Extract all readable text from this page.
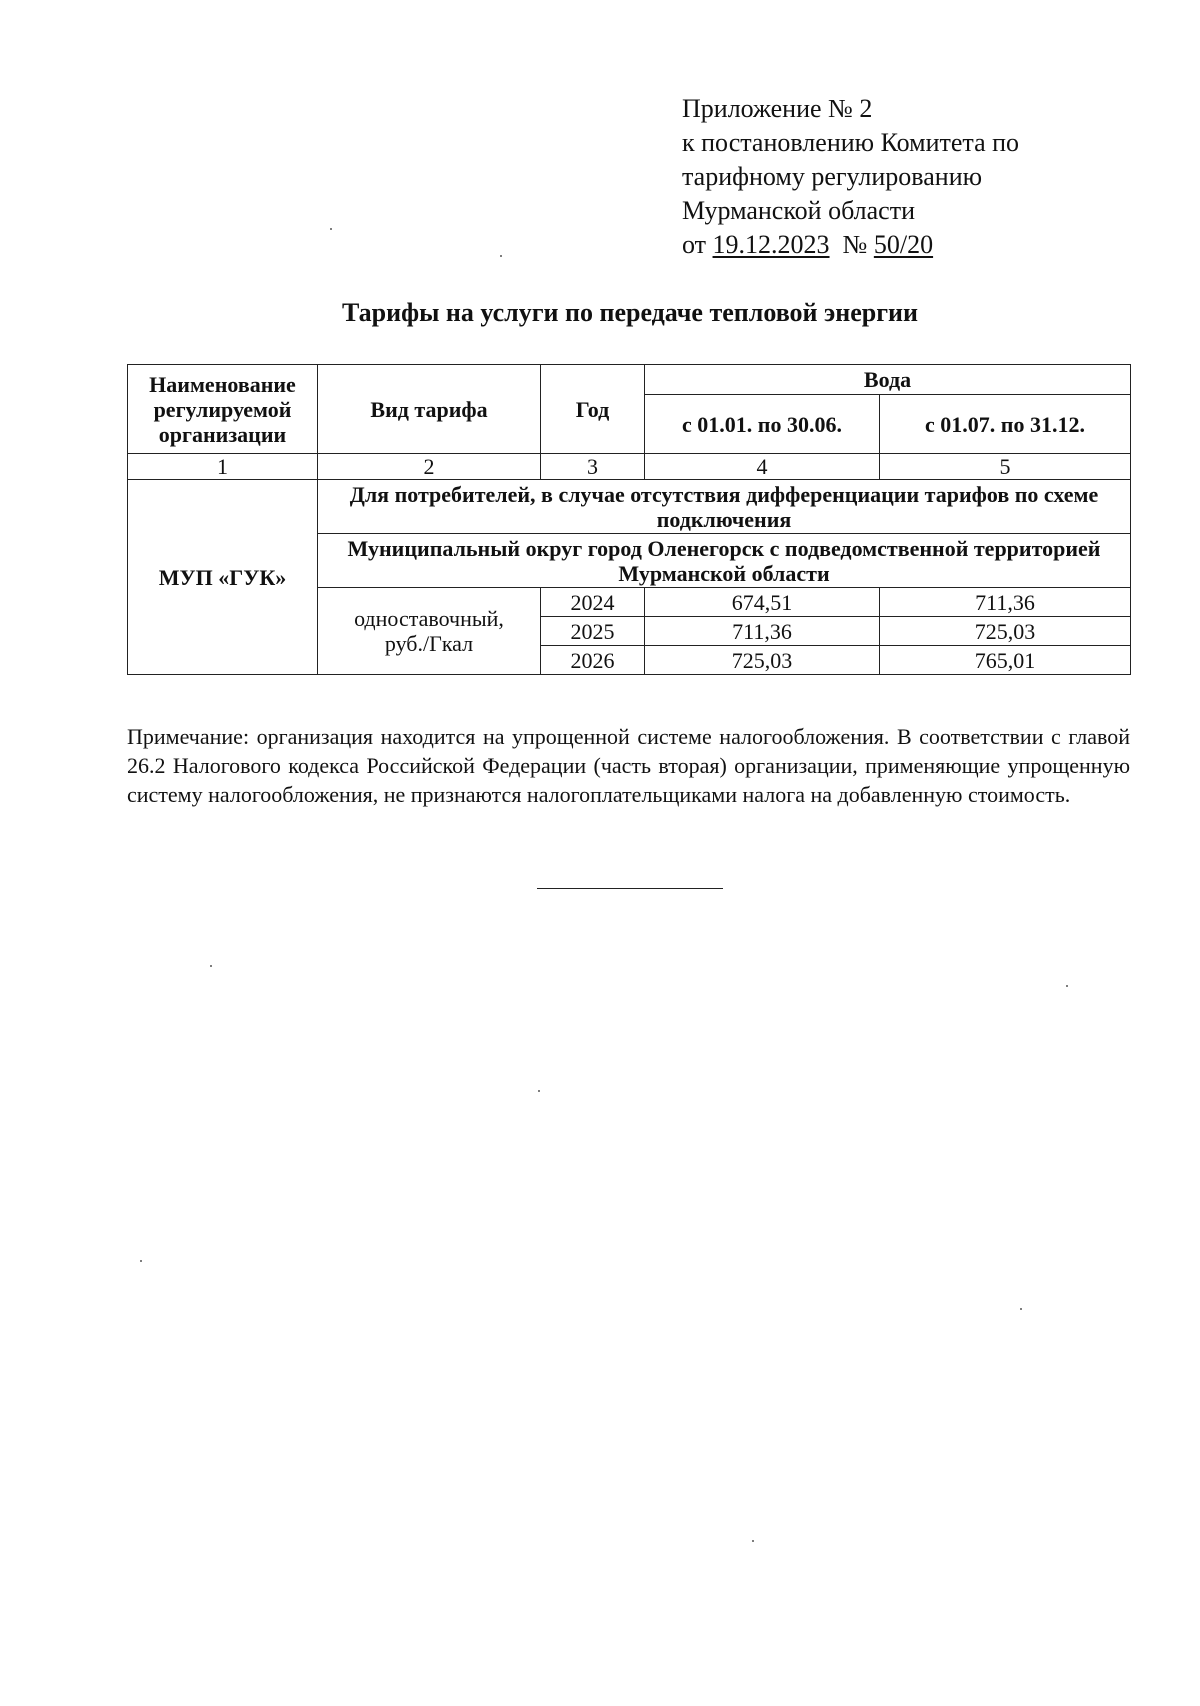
Приложение № 2
к постановлению Комитета по
тарифному регулированию
Мурманской области
от 19.12.2023 № 50/20
Тарифы на услуги по передаче тепловой энергии
Наименование регулируемой организации	Вид тарифа	Год	Вода	
			с 01.01. по 30.06.	с 01.07. по 31.12.
1	2	3	4	5
МУП «ГУК»	Для потребителей, в случае отсутствия дифференциации тарифов по схеме подключения			
	Муниципальный округ город Оленегорск с подведомственной территорией Мурманской области			
	одноставочный, руб./Гкал	2024	674,51	711,36
		2025	711,36	725,03
		2026	725,03	765,01
Примечание: организация находится на упрощенной системе налогообложения. В соответствии с главой 26.2 Налогового кодекса Российской Федерации (часть вторая) организации, применяющие упрощенную систему налогообложения, не признаются налогоплательщиками налога на добавленную стоимость.
